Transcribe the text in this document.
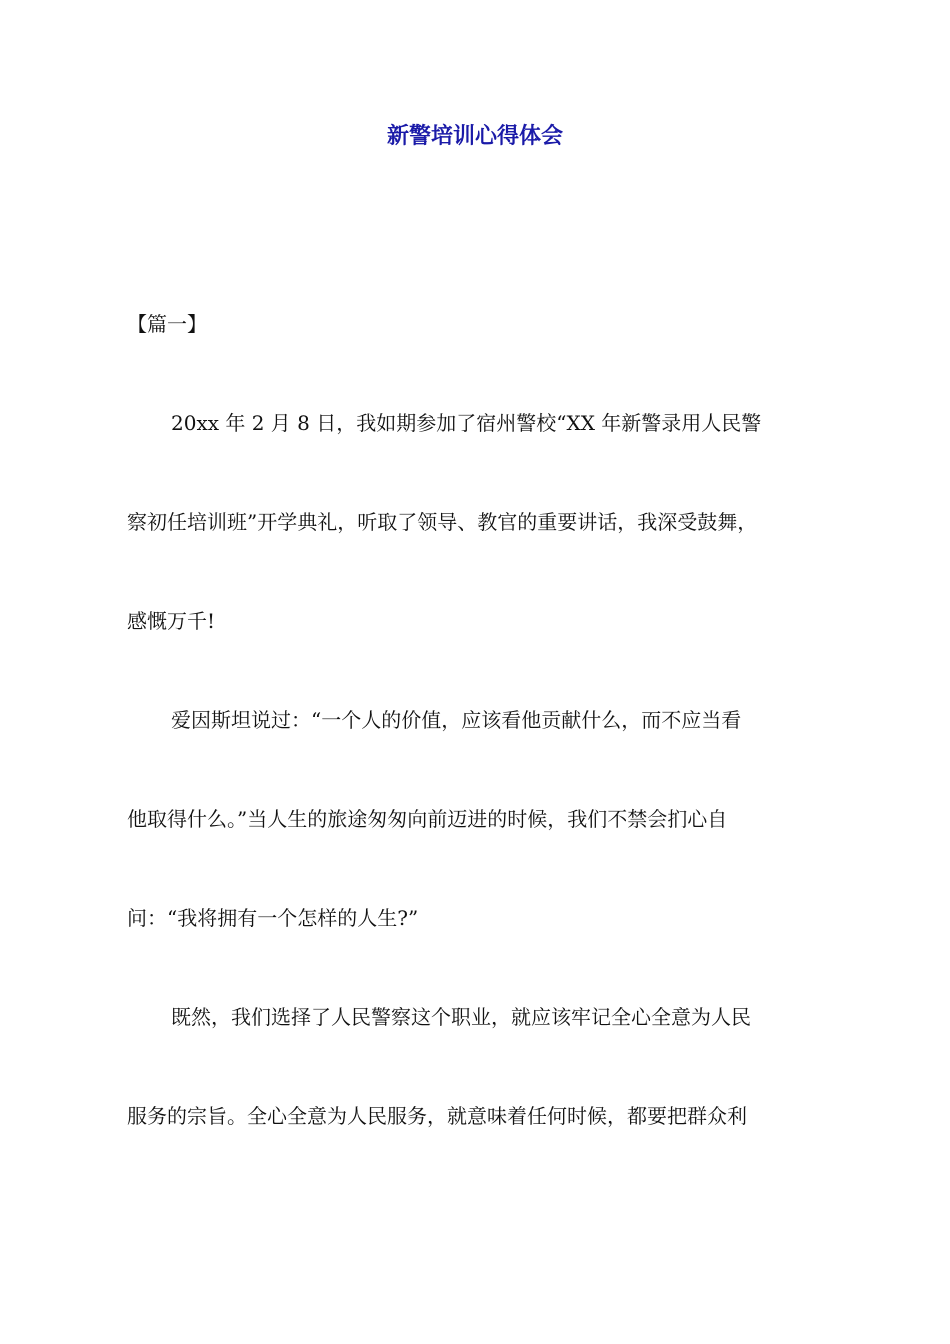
新警培训心得体会

【篇一】

20xx 年 2 月 8 日，我如期参加了宿州警校“XX 年新警录用人民警

察初任培训班”开学典礼，听取了领导、教官的重要讲话，我深受鼓舞，

感慨万千!

爱因斯坦说过：“一个人的价值，应该看他贡献什么，而不应当看

他取得什么。”当人生的旅途匆匆向前迈进的时候，我们不禁会扪心自

问：“我将拥有一个怎样的人生?”

既然，我们选择了人民警察这个职业，就应该牢记全心全意为人民

服务的宗旨。全心全意为人民服务，就意味着任何时候，都要把群众利
